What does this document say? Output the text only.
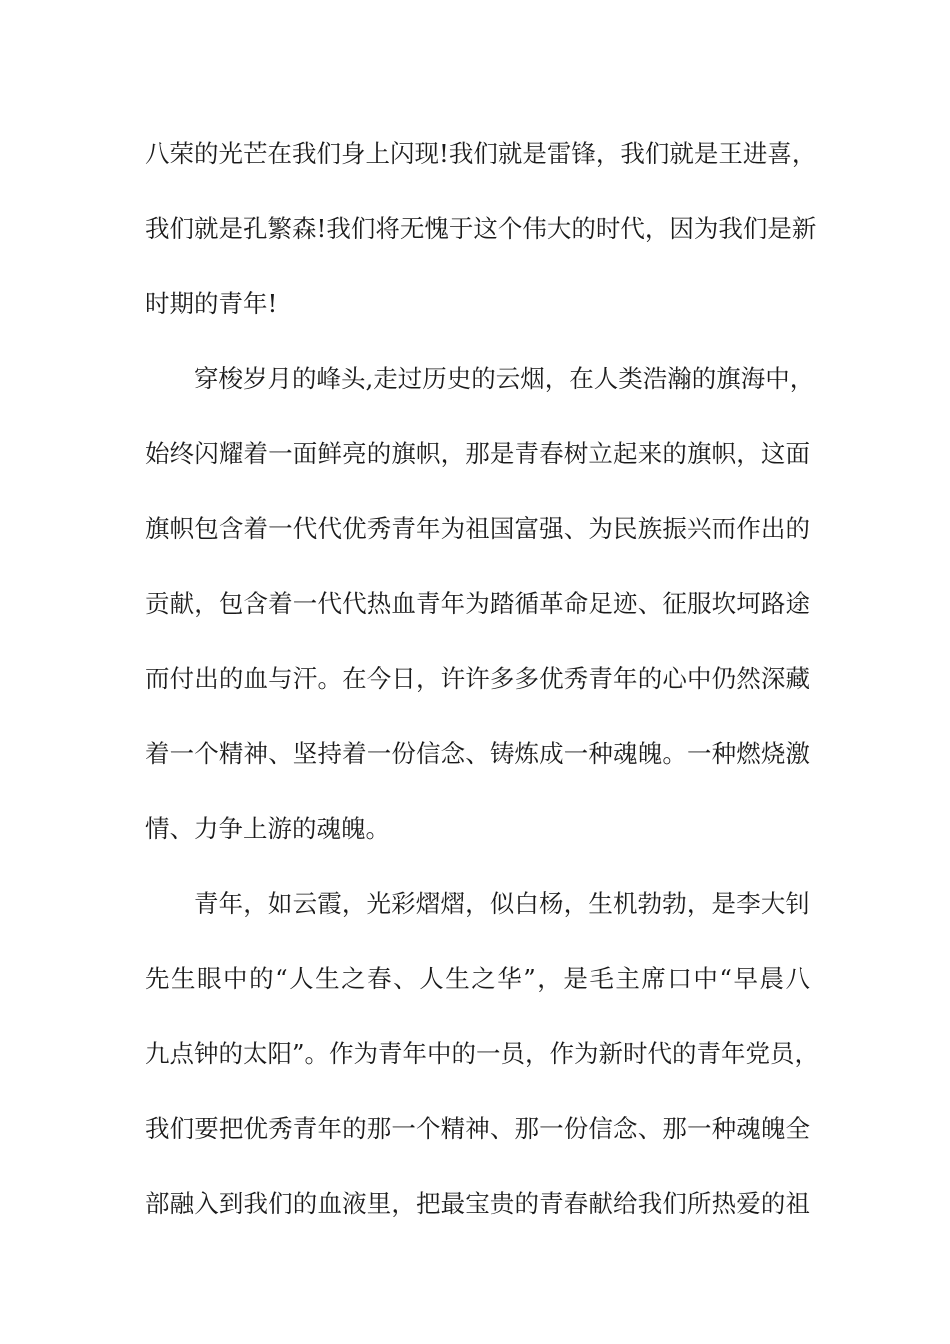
八荣的光芒在我们身上闪现!我们就是雷锋，我们就是王进喜，
我们就是孔繁森!我们将无愧于这个伟大的时代，因为我们是新
时期的青年!
穿梭岁月的峰头,走过历史的云烟，在人类浩瀚的旗海中，
始终闪耀着一面鲜亮的旗帜，那是青春树立起来的旗帜，这面
旗帜包含着一代代优秀青年为祖国富强、为民族振兴而作出的
贡献，包含着一代代热血青年为踏循革命足迹、征服坎坷路途
而付出的血与汗。在今日，许许多多优秀青年的心中仍然深藏
着一个精神、坚持着一份信念、铸炼成一种魂魄。一种燃烧激
情、力争上游的魂魄。
青年，如云霞，光彩熠熠，似白杨，生机勃勃，是李大钊
先生眼中的“人生之春、人生之华”，是毛主席口中“早晨八
九点钟的太阳”。作为青年中的一员，作为新时代的青年党员，
我们要把优秀青年的那一个精神、那一份信念、那一种魂魄全
部融入到我们的血液里，把最宝贵的青春献给我们所热爱的祖
